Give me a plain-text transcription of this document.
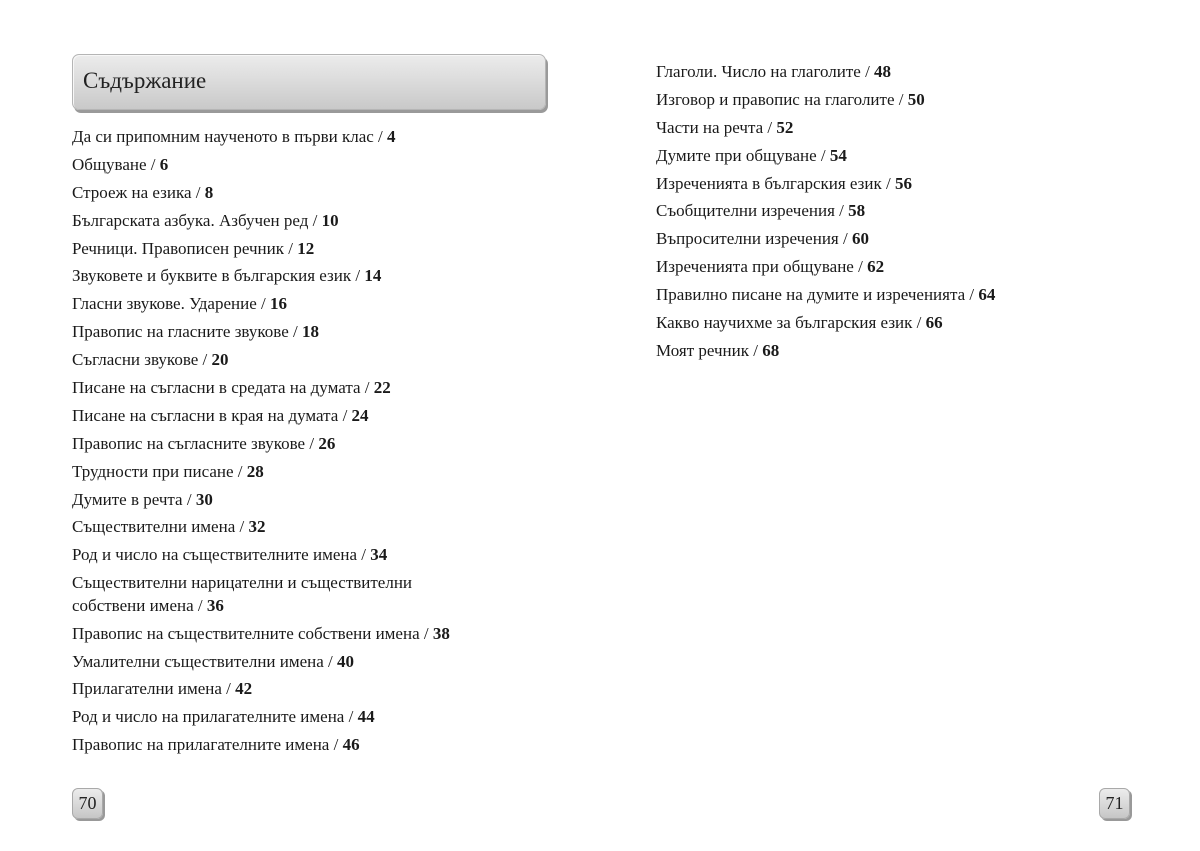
Съдържание
Да си припомним наученото в първи клас / 4
Общуване / 6
Строеж на езика / 8
Българската азбука. Азбучен ред / 10
Речници. Правописен речник / 12
Звуковете и буквите в българския език / 14
Гласни звукове. Ударение / 16
Правопис на гласните звукове / 18
Съгласни звукове / 20
Писане на съгласни в средата на думата / 22
Писане на съгласни в края на думата / 24
Правопис на съгласните звукове / 26
Трудности при писане / 28
Думите в речта / 30
Съществителни имена / 32
Род и число на съществителните имена / 34
Съществителни нарицателни и съществителни
собствени имена / 36
Правопис на съществителните собствени имена / 38
Умалителни съществителни имена / 40
Прилагателни имена / 42
Род и число на прилагателните имена / 44
Правопис на прилагателните имена / 46
70
Глаголи. Число на глаголите / 48
Изговор и правопис на глаголите / 50
Части на речта / 52
Думите при общуване / 54
Изреченията в българския език / 56
Съобщителни изречения / 58
Въпросителни изречения / 60
Изреченията при общуване / 62
Правилно писане на думите и изреченията / 64
Какво научихме за българския език / 66
Моят речник / 68
71
